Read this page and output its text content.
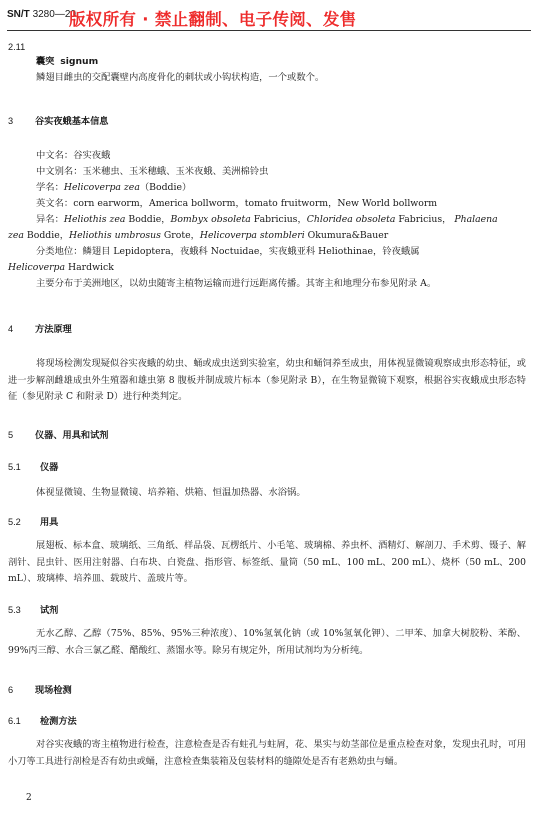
SN/T 3280—20
版权所有 · 禁止翻制、电子传阅、发售
2.11
囊突 signum
鳞翅目雌虫的交配囊壁内高度骨化的刺状或小钩状构造，一个或数个。
3 谷实夜蛾基本信息
中文名：谷实夜蛾
中文别名：玉米穗虫、玉米穗蛾、玉米夜蛾、美洲棉铃虫
学名：Helicoverpa zea（Boddie）
英文名：corn earworm，America bollworm，tomato fruitworm，New World bollworm
异名：Heliothis zea Boddie，Bombyx obsoleta Fabricius，Chloridea obsoleta Fabricius， Phalaena
zea Boddie，Heliothis umbrosus Grote，Helicoverpa stombleri Okumura&Bauer
分类地位：鳞翅目 Lepidoptera，夜蛾科 Noctuidae，实夜蛾亚科 Heliothinae，铃夜蛾属
Helicoverpa Hardwick
主要分布于美洲地区，以幼虫随寄主植物运输而进行远距离传播。其寄主和地理分布参见附录 A。
4 方法原理
将现场检测发现疑似谷实夜蛾的幼虫、蛹或成虫送到实验室，幼虫和蛹饲养至成虫，用体视显微镜观察成虫形态特征，或进一步解剖雌雄成虫外生殖器和雄虫第 8 腹板并制成玻片标本（参见附录 B），在生物显微镜下观察，根据谷实夜蛾成虫形态特征（参见附录 C 和附录 D）进行种类判定。
5 仪器、用具和试剂
5.1 仪器
体视显微镜、生物显微镜、培养箱、烘箱、恒温加热器、水浴锅。
5.2 用具
展翅板、标本盒、玻璃纸、三角纸、样品袋、瓦楞纸片、小毛笔、玻璃棉、养虫杯、酒精灯、解剖刀、手术剪、镊子、解剖针、昆虫针、医用注射器、白布块、白瓷盘、指形管、标签纸、量筒（50 mL、100 mL、200 mL）、烧杯（50 mL、200 mL）、玻璃棒、培养皿、载玻片、盖玻片等。
5.3 试剂
无水乙醇、乙醇（75%、85%、95%三种浓度）、10%氢氧化钠（或 10%氢氧化钾）、二甲苯、加拿大树胶粉、苯酚、99%丙三醇、水合三氯乙醛、醋酸红、蒸馏水等。除另有规定外，所用试剂均为分析纯。
6 现场检测
6.1 检测方法
对谷实夜蛾的寄主植物进行检查，注意检查是否有蛀孔与蛀屑，花、果实与幼茎部位是重点检查对象，发现虫孔时，可用小刀等工具进行剖检是否有幼虫或蛹，注意检查集装箱及包装材料的缝隙处是否有老熟幼虫与蛹。
2
